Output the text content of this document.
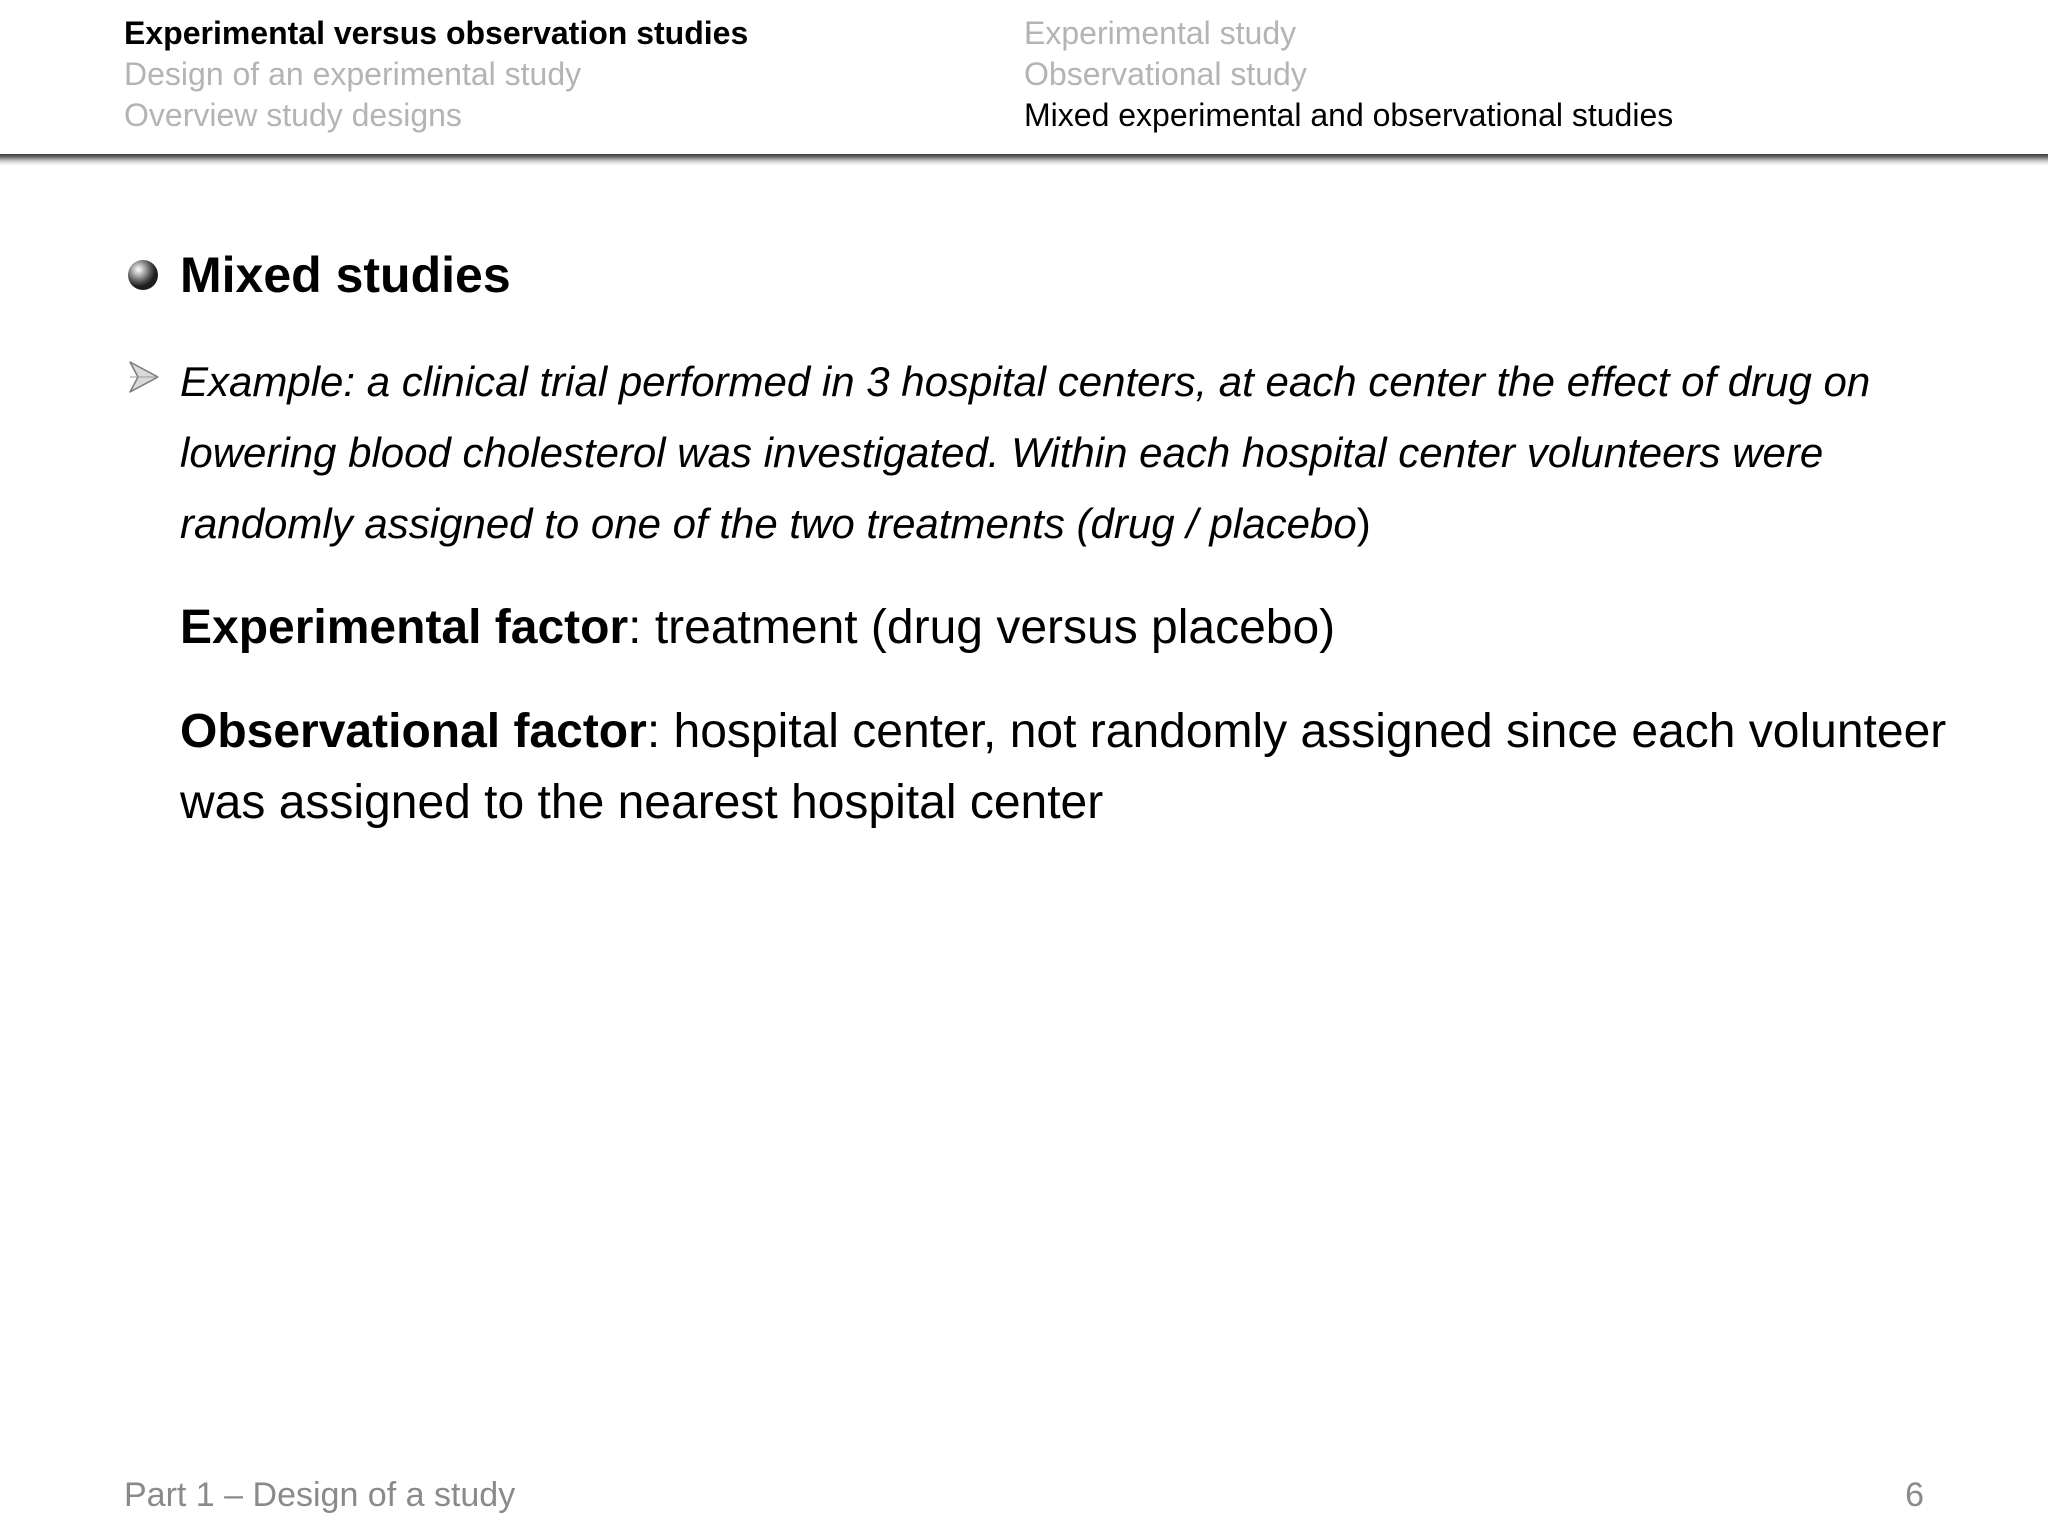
Experimental versus observation studies
Design of an experimental study
Overview study designs
Experimental study
Observational study
Mixed experimental and observational studies
Mixed studies
Example: a clinical trial performed in 3 hospital centers, at each center the effect of drug on lowering blood cholesterol was investigated. Within each hospital center volunteers were randomly assigned to one of the two treatments (drug / placebo)
Experimental factor: treatment (drug versus placebo)
Observational factor: hospital center, not randomly assigned since each volunteer was assigned to the nearest hospital center
Part 1 – Design of a study	6
